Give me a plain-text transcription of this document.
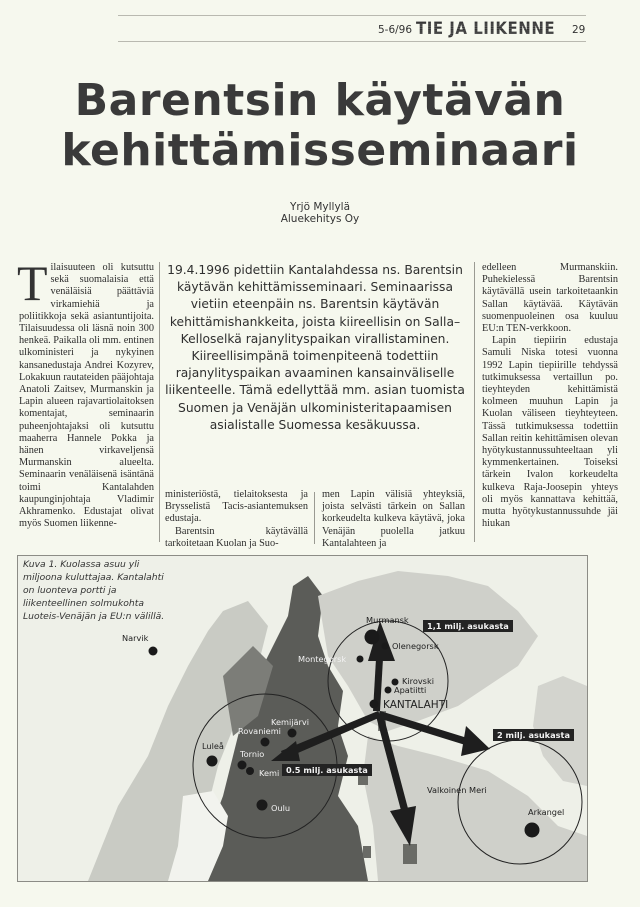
5-6/96 TIE JA LIIKENNE 29
Barentsin käytävän
kehittämisseminaari
Yrjö Myllylä
Aluekehitys Oy

Tilaisuuteen oli kutsuttu sekä suomalaisia että venäläisiä päättäviä virkamiehiä ja poliitikkoja sekä asiantuntijoita. Tilaisuudessa oli läsnä noin 300 henkeä. Paikalla oli mm. entinen ulkoministeri ja nykyinen kansanedustaja Andrei Kozyrev, Lokakuun rautateiden pääjohtaja Anatoli Zaitsev, Murmanskin ja Lapin alueen rajavartiolaitoksen komentajat, seminaarin puheenjohtajaksi oli kutsuttu maaherra Hannele Pokka ja hänen virkaveljensä Murmanskin alueelta. Seminaarin venäläisenä isäntänä toimi Kantalahden kaupunginjohtaja Vladimir Akhramenko. Edustajat olivat myös Suomen liikenne-

19.4.1996 pidettiin Kantalahdessa ns. Barentsin käytävän kehittämisseminaari. Seminaarissa vietiin eteenpäin ns. Barentsin käytävän kehittämishankkeita, joista kiireellisin on Salla–Kelloselkä rajanylityspaikan virallistaminen. Kiireellisimpänä toimenpiteenä todettiin rajanylityspaikan avaaminen kansainväliselle liikenteelle. Tämä edellyttää mm. asian tuomista Suomen ja Venäjän ulkoministeritapaamisen asialistalle Suomessa kesäkuussa.

ministeriöstä, tielaitoksesta ja Brysselistä Tacis-asiantemuksen edustaja.

Barentsin käytävällä tarkoitetaan Kuolan ja Suo-

men Lapin välisiä yhteyksiä, joista selvästi tärkein on Sallan korkeudelta kulkeva käytävä, joka Venäjän puolella jatkuu Kantalahteen ja

edelleen Murmanskiin. Puhekielessä Barentsin käytävällä usein tarkoitetaankin Sallan käytävää. Käytävän suomenpuoleinen osa kuuluu EU:n TEN-verkkoon.

Lapin tiepiirin edustaja Samuli Niska totesi vuonna 1992 Lapin tiepiirille tehdyssä tutkimuksessa vertaillun po. tieyhteyden kehittämistä kolmeen muuhun Lapin ja Kuolan väliseen tieyhteyteen. Tässä tutkimuksessa todettiin Sallan reitin kehittämisen olevan hyötykustannussuhteeltaan yli kymmenkertainen. Toiseksi tärkein Ivalon korkeudelta kulkeva Raja-Joosepin yhteys oli myös kannattava kehittää, mutta hyötykustannussuhde jäi hiukan

Kuva 1. Kuolassa asuu yli miljoona kuluttajaa. Kantalahti on luonteva portti ja liikenteellinen solmukohta Luoteis-Venäjän ja EU:n välillä.
Narvik
Murmansk
Olenegorsk
Montegorsk
Kirovski
Apatiitti
KANTALAHTI
Kemijärvi
Rovaniemi
Luleå
Tornio
Kemi
Oulu
Valkoinen Meri
Arkangel
1,1 milj. asukasta
0.5 milj. asukasta
2 milj. asukasta
